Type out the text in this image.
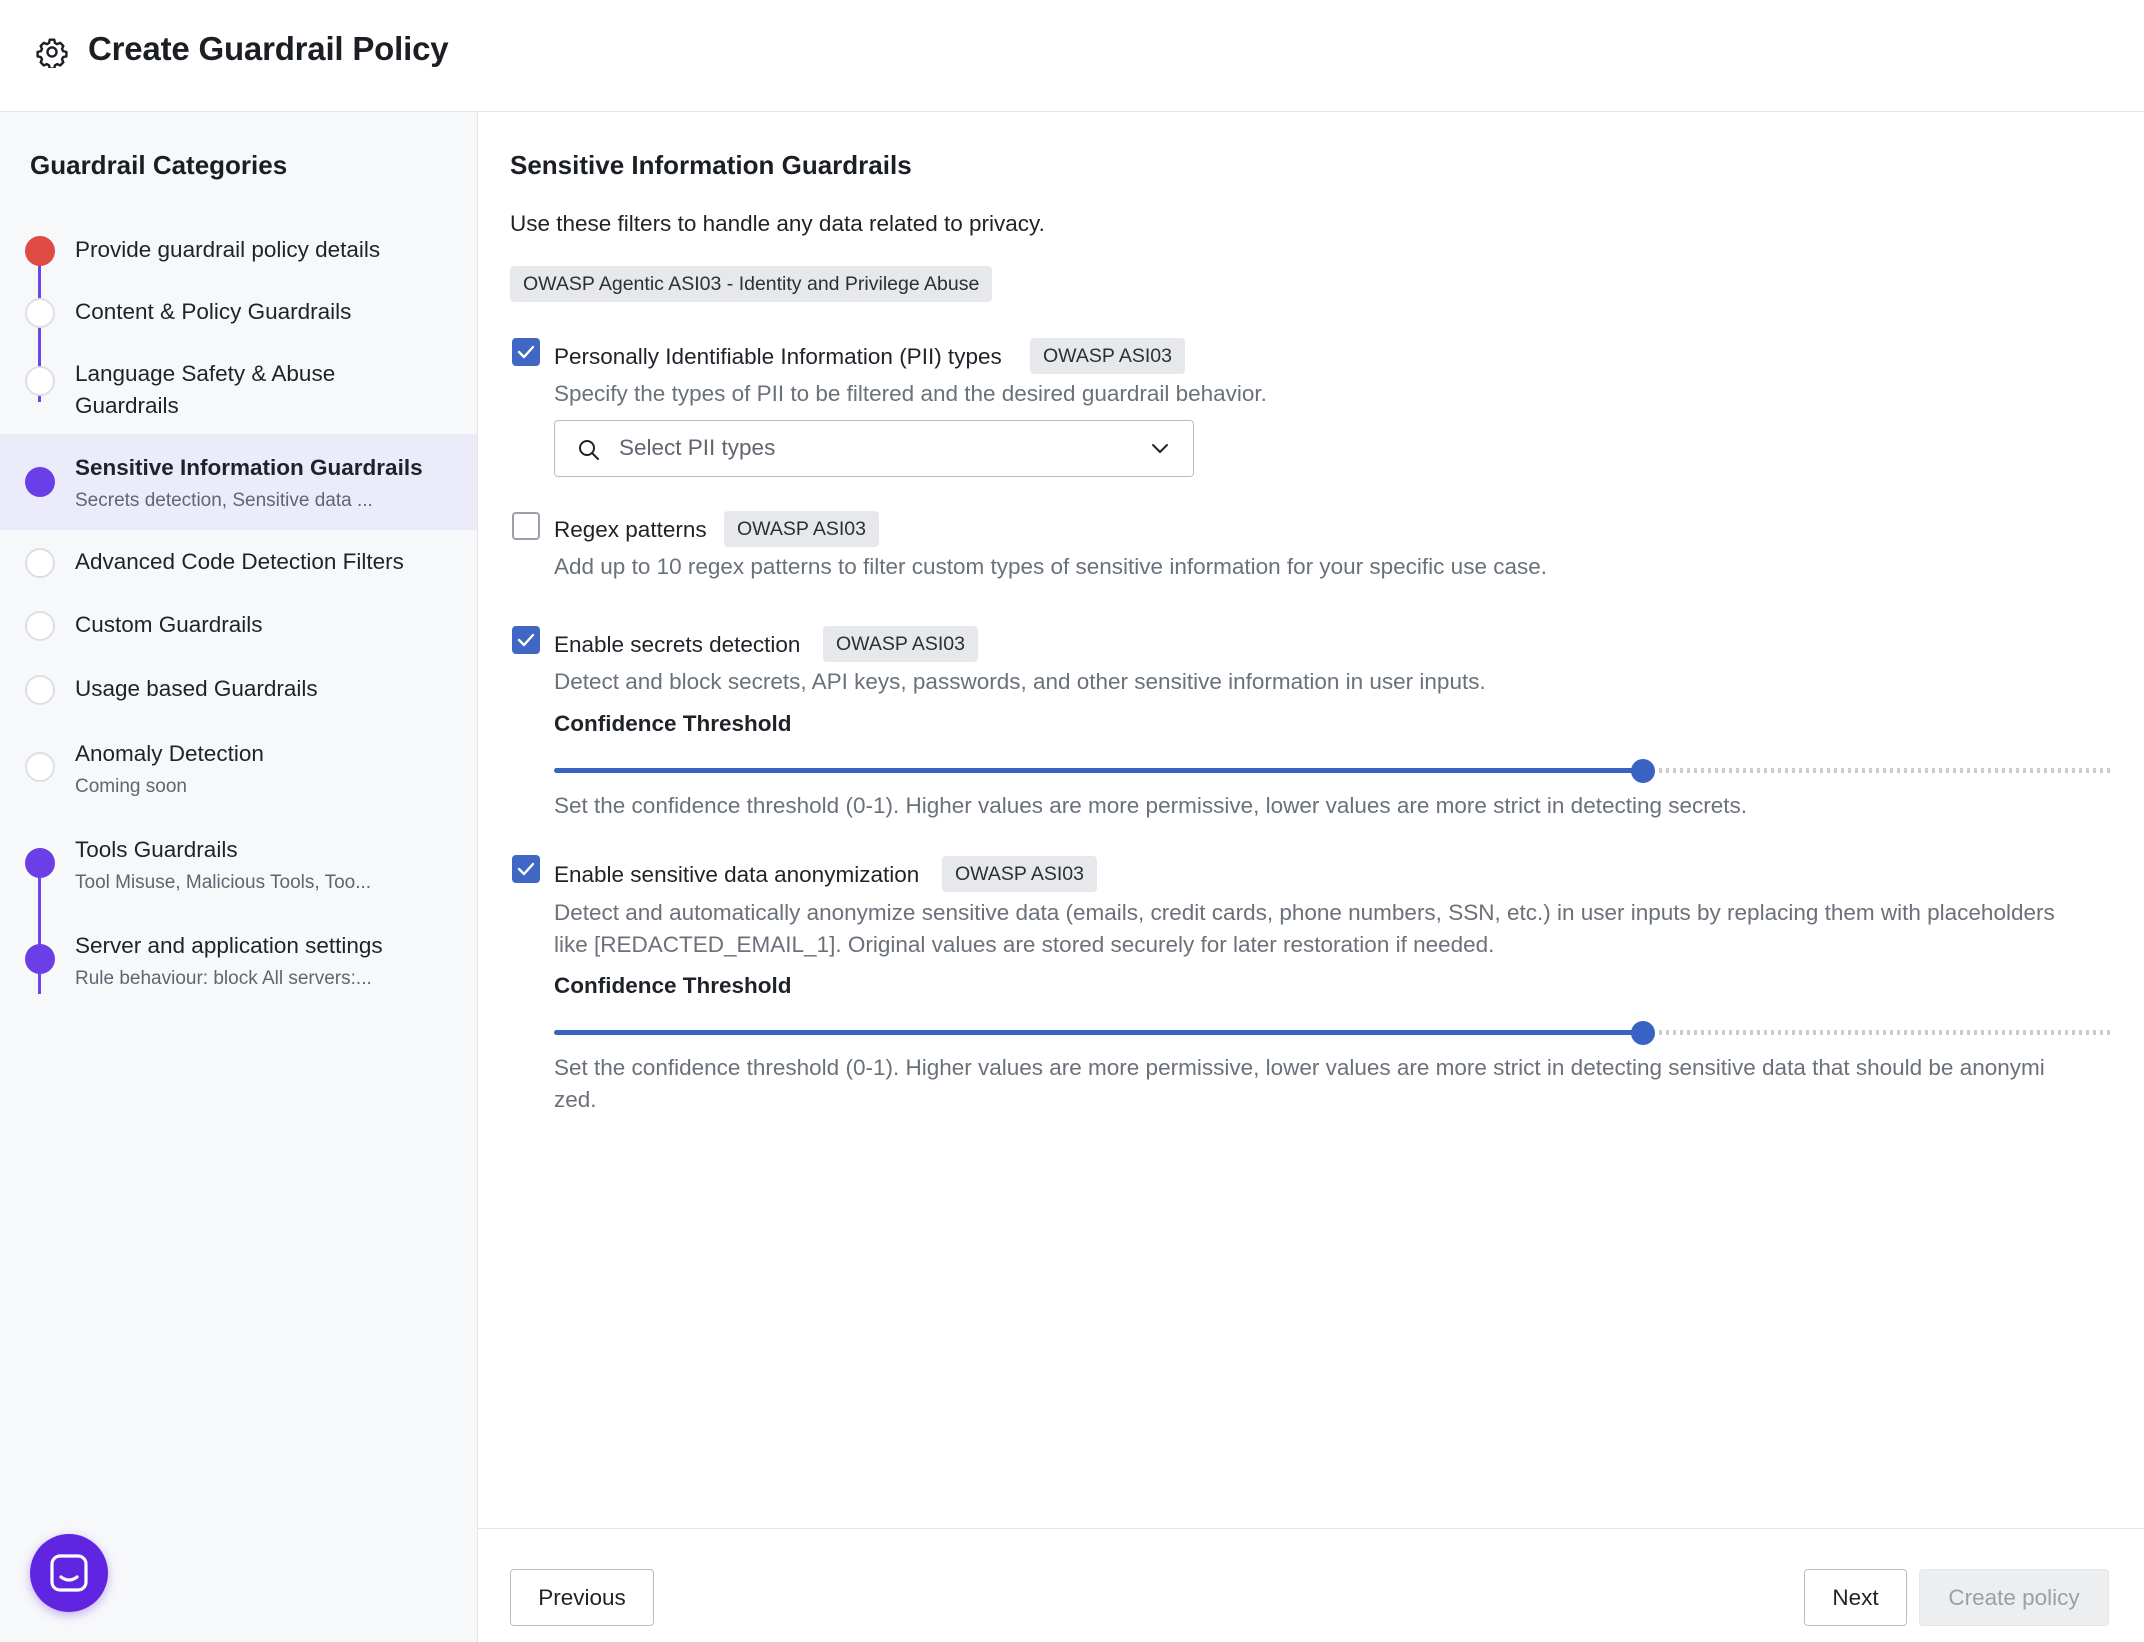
Create Guardrail Policy
Guardrail Categories
Provide guardrail policy details
Content & Policy Guardrails
Language Safety & Abuse Guardrails
Sensitive Information Guardrails
Secrets detection, Sensitive data ...
Advanced Code Detection Filters
Custom Guardrails
Usage based Guardrails
Anomaly Detection
Coming soon
Tools Guardrails
Tool Misuse, Malicious Tools, Too...
Server and application settings
Rule behaviour: block All servers:...
Sensitive Information Guardrails
Use these filters to handle any data related to privacy.
OWASP Agentic ASI03 - Identity and Privilege Abuse
Personally Identifiable Information (PII) types	OWASP ASI03
Specify the types of PII to be filtered and the desired guardrail behavior.
Select PII types
Regex patterns	OWASP ASI03
Add up to 10 regex patterns to filter custom types of sensitive information for your specific use case.
Enable secrets detection	OWASP ASI03
Detect and block secrets, API keys, passwords, and other sensitive information in user inputs.
Confidence Threshold
Set the confidence threshold (0-1). Higher values are more permissive, lower values are more strict in detecting secrets.
Enable sensitive data anonymization	OWASP ASI03
Detect and automatically anonymize sensitive data (emails, credit cards, phone numbers, SSN, etc.) in user inputs by replacing them with placeholders
like [REDACTED_EMAIL_1]. Original values are stored securely for later restoration if needed.
Confidence Threshold
Set the confidence threshold (0-1). Higher values are more permissive, lower values are more strict in detecting sensitive data that should be anonymi
zed.
Previous	Next	Create policy
